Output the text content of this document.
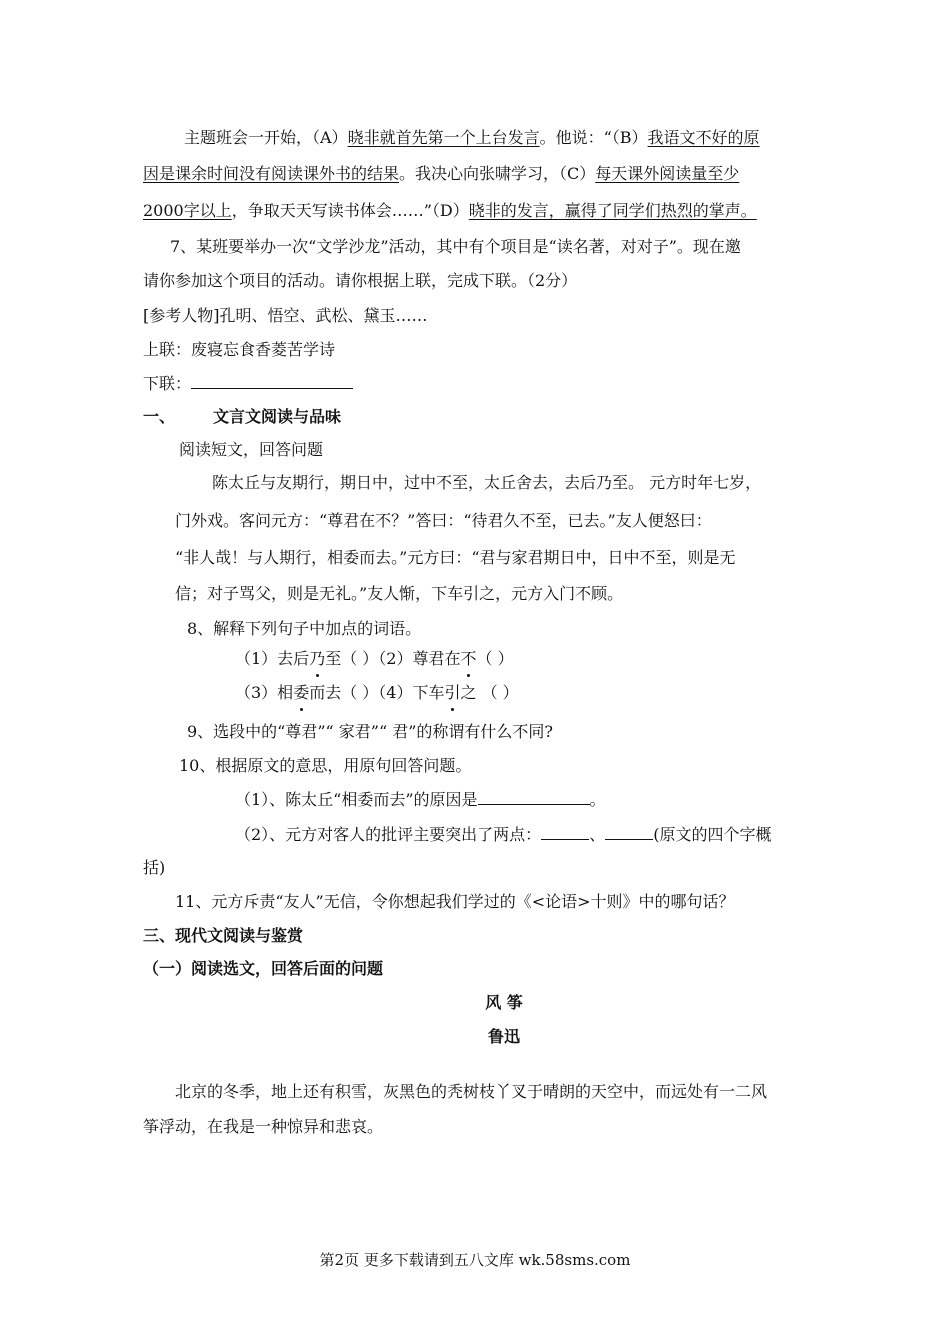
主题班会一开始，（A）晓非就首先第一个上台发言。他说：“（B）我语文不好的原
因是课余时间没有阅读课外书的结果。我决心向张啸学习，（C）每天课外阅读量至少
2000字以上，争取天天写读书体会……”（D）晓非的发言，赢得了同学们热烈的掌声。
7、某班要举办一次“文学沙龙”活动，其中有个项目是“读名著，对对子”。现在邀
请你参加这个项目的活动。请你根据上联，完成下联。（2分）
[参考人物]孔明、悟空、武松、黛玉……
上联：废寝忘食香菱苦学诗
下联：
一、 文言文阅读与品味
阅读短文，回答问题
陈太丘与友期行，期日中，过中不至，太丘舍去，去后乃至。 元方时年七岁，
门外戏。客问元方：“尊君在不？”答曰：“待君久不至，已去。”友人便怒曰：
“非人哉！与人期行，相委而去。”元方曰：“君与家君期日中，日中不至，则是无
信；对子骂父，则是无礼。”友人惭，下车引之，元方入门不顾。
8、解释下列句子中加点的词语。
（1）去后乃至（ ）（2）尊君在不（ ）
（3）相委而去（ ）（4）下车引之 （ ）
9、选段中的“尊君”“ 家君”“ 君”的称谓有什么不同?
10、根据原文的意思，用原句回答问题。
（1）、陈太丘“相委而去”的原因是	。
（2）、元方对客人的批评主要突出了两点：	、	(原文的四个字概
括)
11、元方斥责“友人”无信，令你想起我们学过的《<论语>十则》中的哪句话？
三、现代文阅读与鉴赏
（一）阅读选文，回答后面的问题
风 筝
鲁迅
北京的冬季，地上还有积雪，灰黑色的秃树枝丫叉于晴朗的天空中，而远处有一二风
筝浮动，在我是一种惊异和悲哀。
第2页 更多下载请到五八文库 wk.58sms.com
